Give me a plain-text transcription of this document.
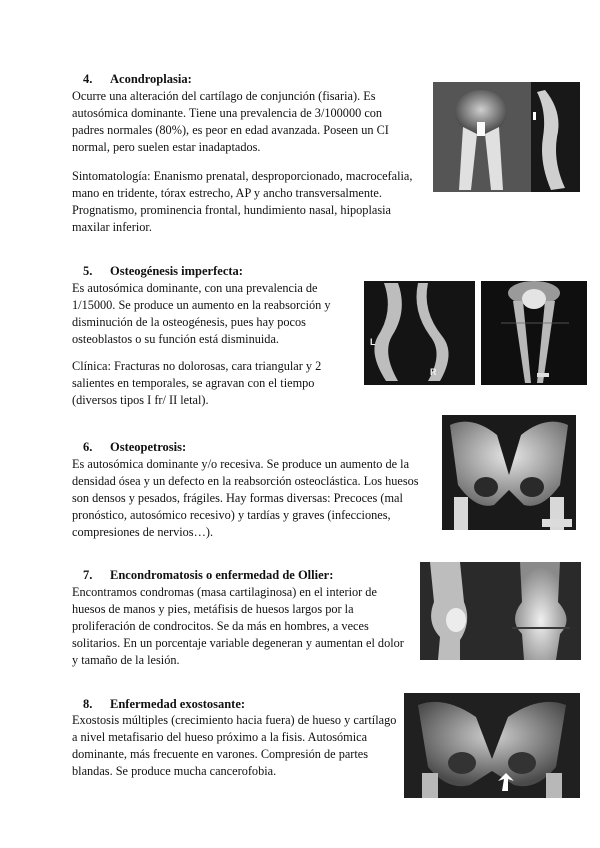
4. Acondroplasia:

Ocurre una alteración del cartílago de conjunción (fisaria). Es autosómica dominante. Tiene una prevalencia de 3/100000 con padres normales (80%), es peor en edad avanzada. Poseen un CI normal, pero suelen estar inadaptados.

Sintomatología: Enanismo prenatal, desproporcionado, macrocefalia, mano en tridente, tórax estrecho, AP y ancho transversalmente. Prognatismo, prominencia frontal, hundimiento nasal, hipoplasia maxilar inferior.

5. Osteogénesis imperfecta:

Es autosómica dominante, con una prevalencia de 1/15000. Se produce un aumento en la reabsorción y disminución de la osteogénesis, pues hay pocos osteoblastos o su función está disminuida.

Clínica: Fracturas no dolorosas, cara triangular y 2 salientes en temporales, se agravan con el tiempo (diversos tipos I fr/ II letal).

L
R
6. Osteopetrosis:

Es autosómica dominante y/o recesiva. Se produce un aumento de la densidad ósea y un defecto en la reabsorción osteoclástica. Los huesos son densos y pesados, frágiles. Hay formas diversas: Precoces (mal pronóstico, autosómico recesivo) y tardías y graves (infecciones, compresiones de nervios…).

7. Encondromatosis o enfermedad de Ollier:

Encontramos condromas (masa cartilaginosa) en el interior de huesos de manos y pies, metáfisis de huesos largos por la proliferación de condrocitos. Se da más en hombres, a veces solitarios. En un porcentaje variable degeneran y aumentan el dolor y tamaño de la lesión.

8. Enfermedad exostosante:

Exostosis múltiples (crecimiento hacia fuera) de hueso y cartílago a nivel metafisario del hueso próximo a la fisis. Autosómica dominante, más frecuente en varones. Compresión de partes blandas. Se produce mucha cancerofobia.
